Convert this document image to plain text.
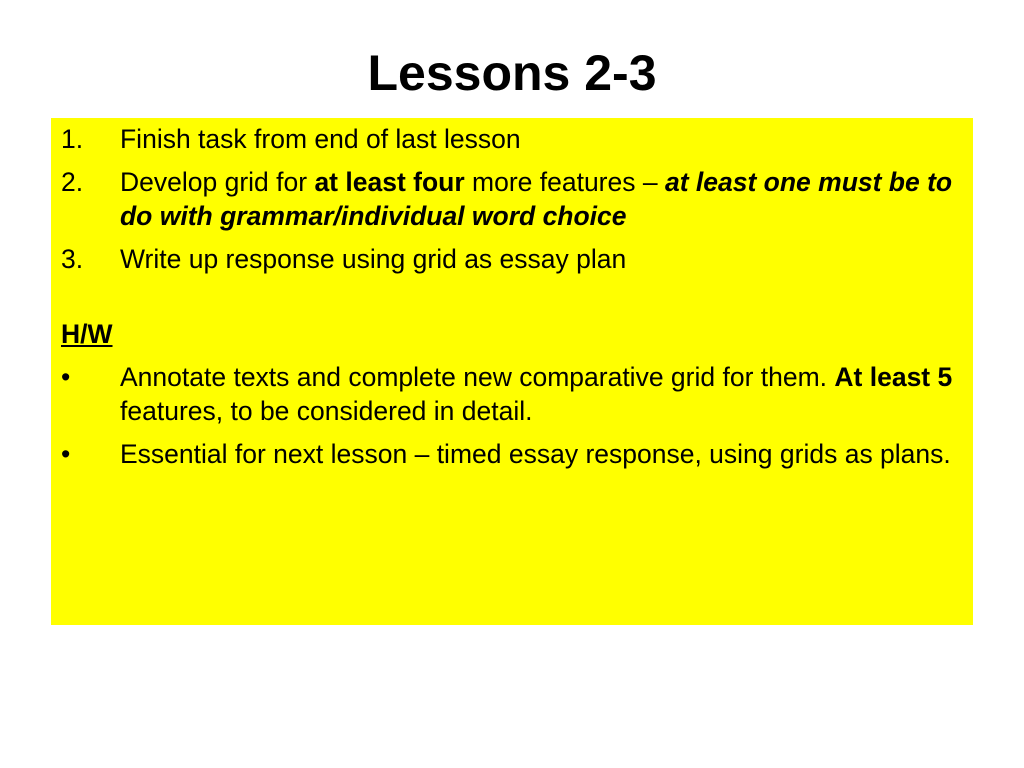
Lessons 2-3
1.	Finish task from end of last lesson
2.	Develop grid for at least four more features – at least one must be to do with grammar/individual word choice
3.	Write up response using grid as essay plan
H/W
•	Annotate texts and complete new comparative grid for them. At least 5 features, to be considered in detail.
•	Essential for next lesson – timed essay response, using grids as plans.
